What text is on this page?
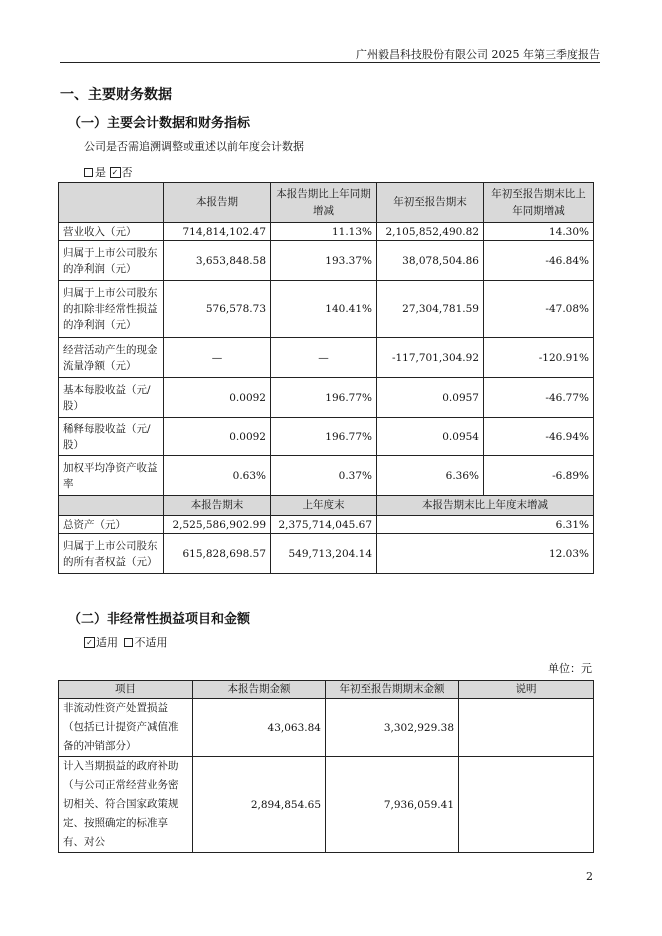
广州毅昌科技股份有限公司 2025 年第三季度报告
一、主要财务数据
（一）主要会计数据和财务指标
公司是否需追溯调整或重述以前年度会计数据
是 ✓ 否
	本报告期	本报告期比上年同期增减	年初至报告期末	年初至报告期末比上年同期增减
营业收入（元）	714,814,102.47	11.13%	2,105,852,490.82	14.30%
归属于上市公司股东的净利润（元）	3,653,848.58	193.37%	38,078,504.86	-46.84%
归属于上市公司股东的扣除非经常性损益的净利润（元）	576,578.73	140.41%	27,304,781.59	-47.08%
经营活动产生的现金流量净额（元）	—	—	-117,701,304.92	-120.91%
基本每股收益（元/股）	0.0092	196.77%	0.0957	-46.77%
稀释每股收益（元/股）	0.0092	196.77%	0.0954	-46.94%
加权平均净资产收益率	0.63%	0.37%	6.36%	-6.89%
	本报告期末	上年度末	本报告期末比上年度末增减	
总资产（元）	2,525,586,902.99	2,375,714,045.67	6.31%	
归属于上市公司股东的所有者权益（元）	615,828,698.57	549,713,204.14	12.03%	
（二）非经常性损益项目和金额
✓ 适用 不适用
单位：元
项目	本报告期金额	年初至报告期期末金额	说明
非流动性资产处置损益（包括已计提资产减值准备的冲销部分）	43,063.84	3,302,929.38	
计入当期损益的政府补助（与公司正常经营业务密切相关、符合国家政策规定、按照确定的标准享有、对公	2,894,854.65	7,936,059.41	
2
